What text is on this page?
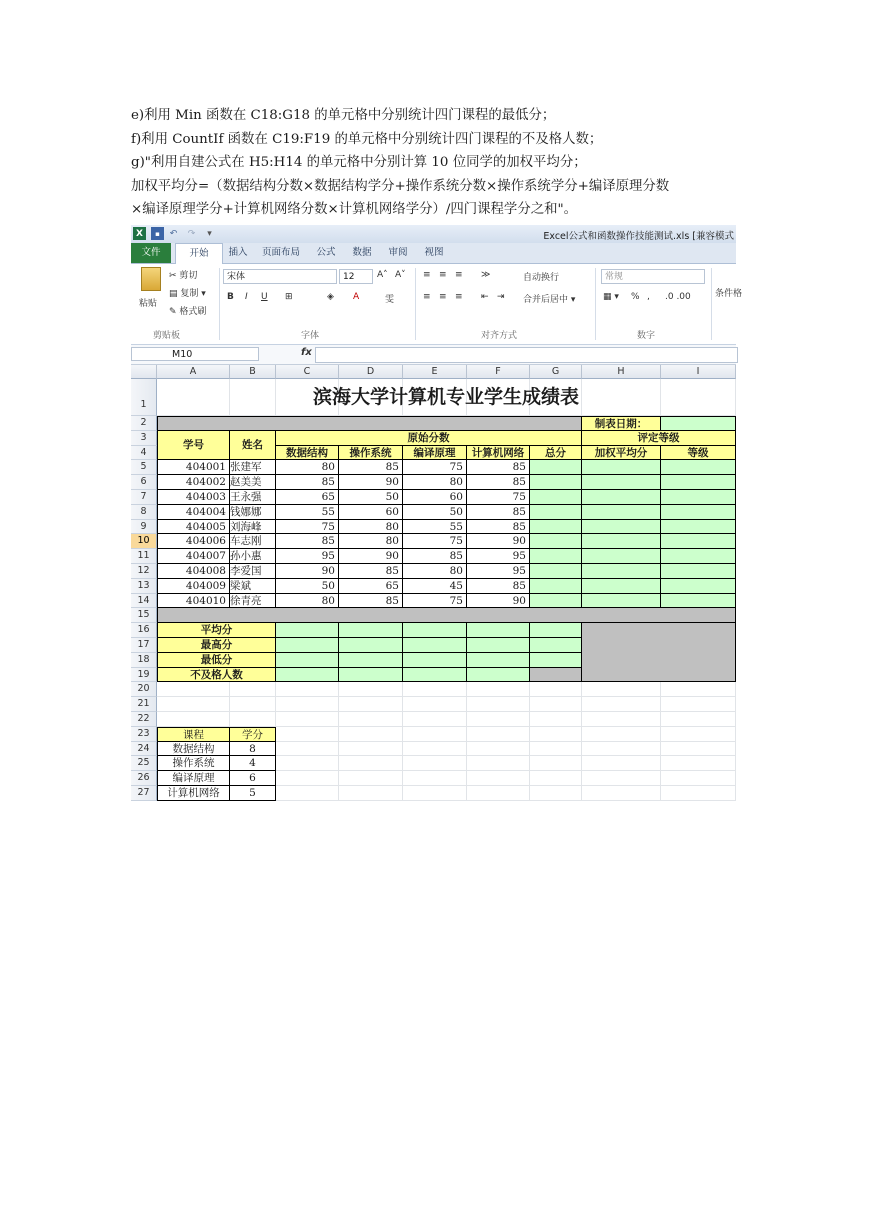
e)利用 Min 函数在 C18:G18 的单元格中分别统计四门课程的最低分；
f)利用 CountIf 函数在 C19:F19 的单元格中分别统计四门课程的不及格人数；
g)"利用自建公式在 H5:H14 的单元格中分别计算 10 位同学的加权平均分；
加权平均分=（数据结构分数×数据结构学分+操作系统分数×操作系统学分+编译原理分数
×编译原理学分+计算机网络分数×计算机网络学分）/四门课程学分之和"。
X	▪	↶	↷	▾	Excel公式和函数操作技能测试.xls [兼容模式
文件	开始	插入	页面布局	公式	数据	审阅	视图
粘贴
✂ 剪切
▤ 复制 ▾
✎ 格式刷
剪贴板
宋体	12	A˄ A˅
B I U ⊞	◈ A	雯
字体
≡ ≡ ≡ ≫
≡ ≡ ≡ ⇤ ⇥
自动换行
合并后居中 ▾
对齐方式
常规
▦ ▾ % , .0 .00
数字
条件格
M10	fx
A	B	C	D	E	F	G	H	I
1
2
3
4
5
6
7
8
9
10
11
12
13
14
15
16
17
18
19
20
21
22
23
24
25
26
27
滨海大学计算机专业学生成绩表
制表日期：
学号	姓名
原始分数	评定等级
数据结构	操作系统	编译原理	计算机网络	总分	加权平均分	等级
404001 张建军	80	85	75	85
404002 赵美美	85	90	80	85
404003 王永强	65	50	60	75
404004 钱娜娜	55	60	50	85
404005 刘海峰	75	80	55	85
404006 车志刚	85	80	75	90
404007 孙小惠	95	90	85	95
404008 李爱国	90	85	80	95
404009 梁斌	50	65	45	85
404010 徐青亮	80	85	75	90
平均分
最高分
最低分
不及格人数
课程	学分
数据结构	8
操作系统	4
编译原理	6
计算机网络	5
